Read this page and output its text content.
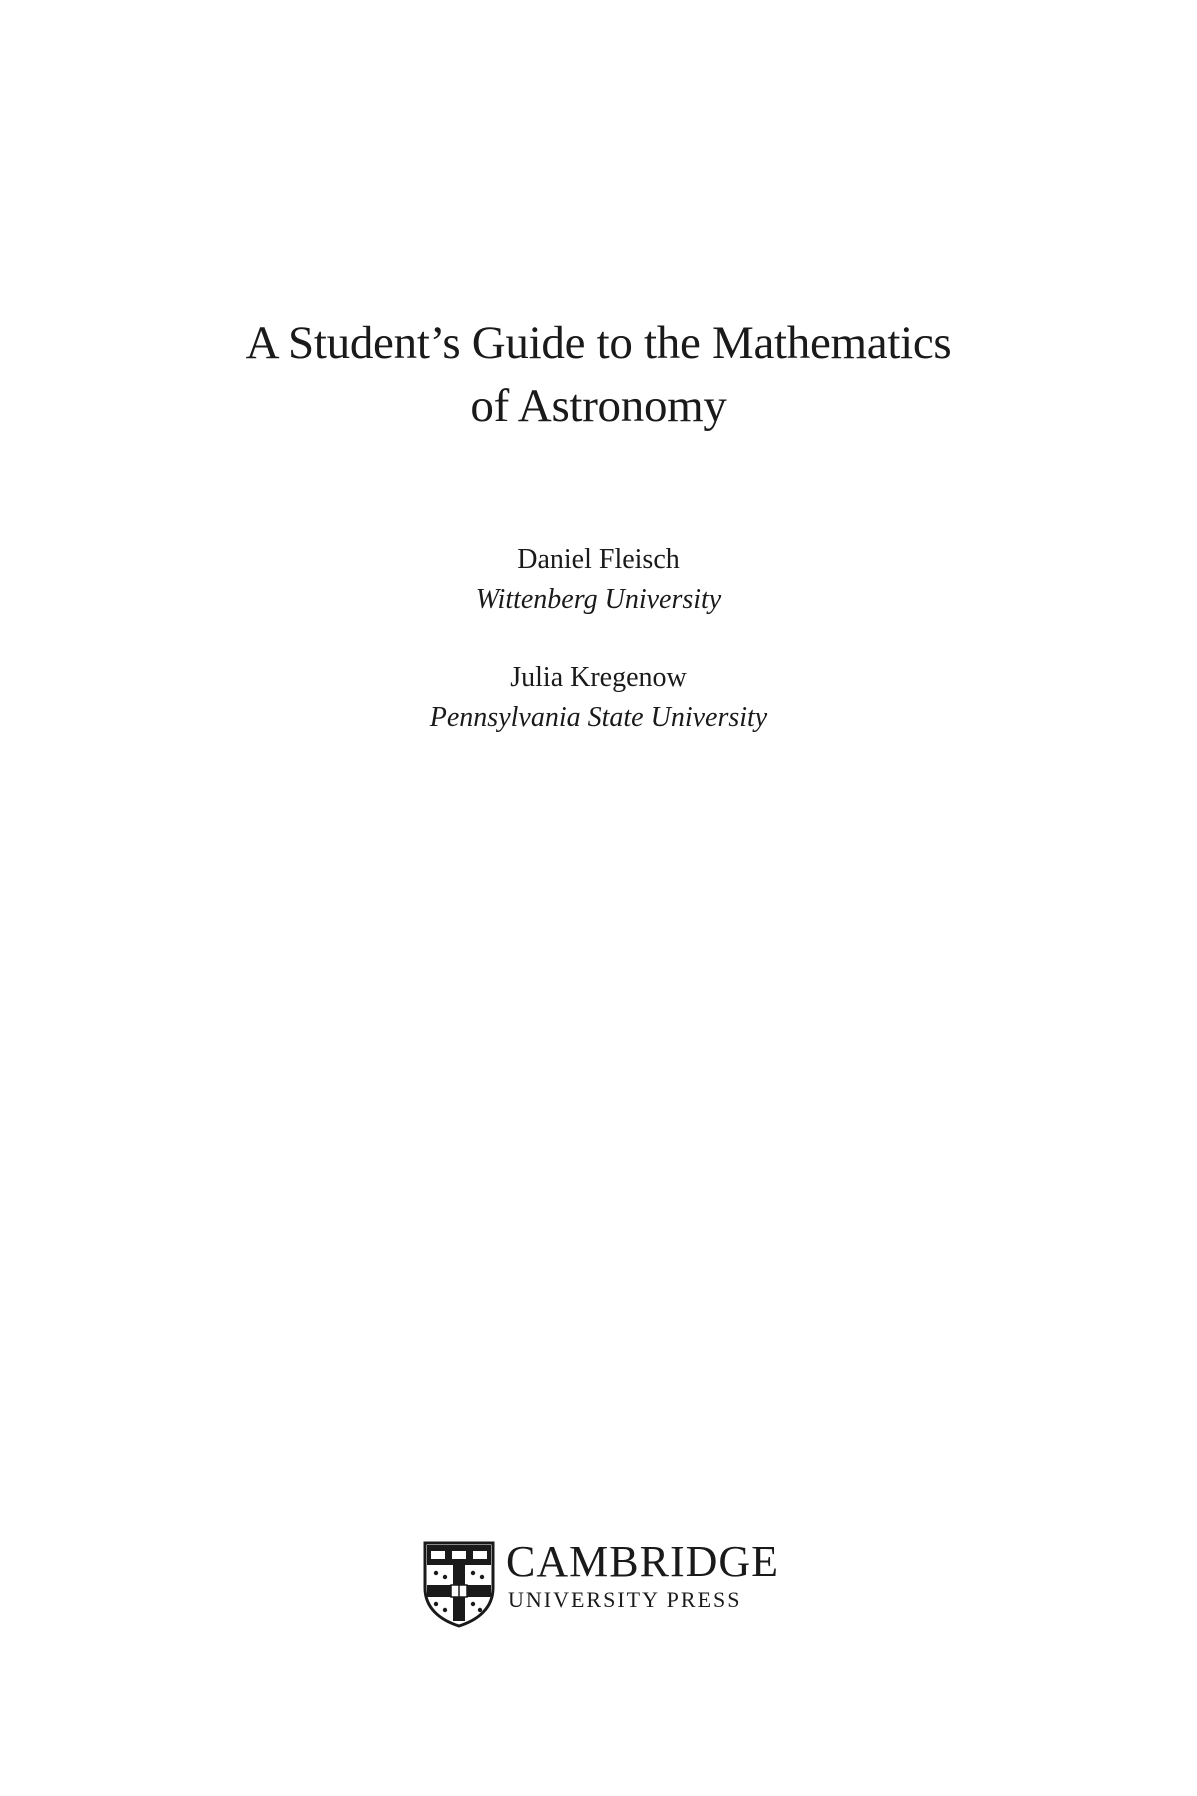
A Student’s Guide to the Mathematics
of Astronomy
Daniel Fleisch
Wittenberg University
Julia Kregenow
Pennsylvania State University
CAMBRIDGE
UNIVERSITY PRESS
